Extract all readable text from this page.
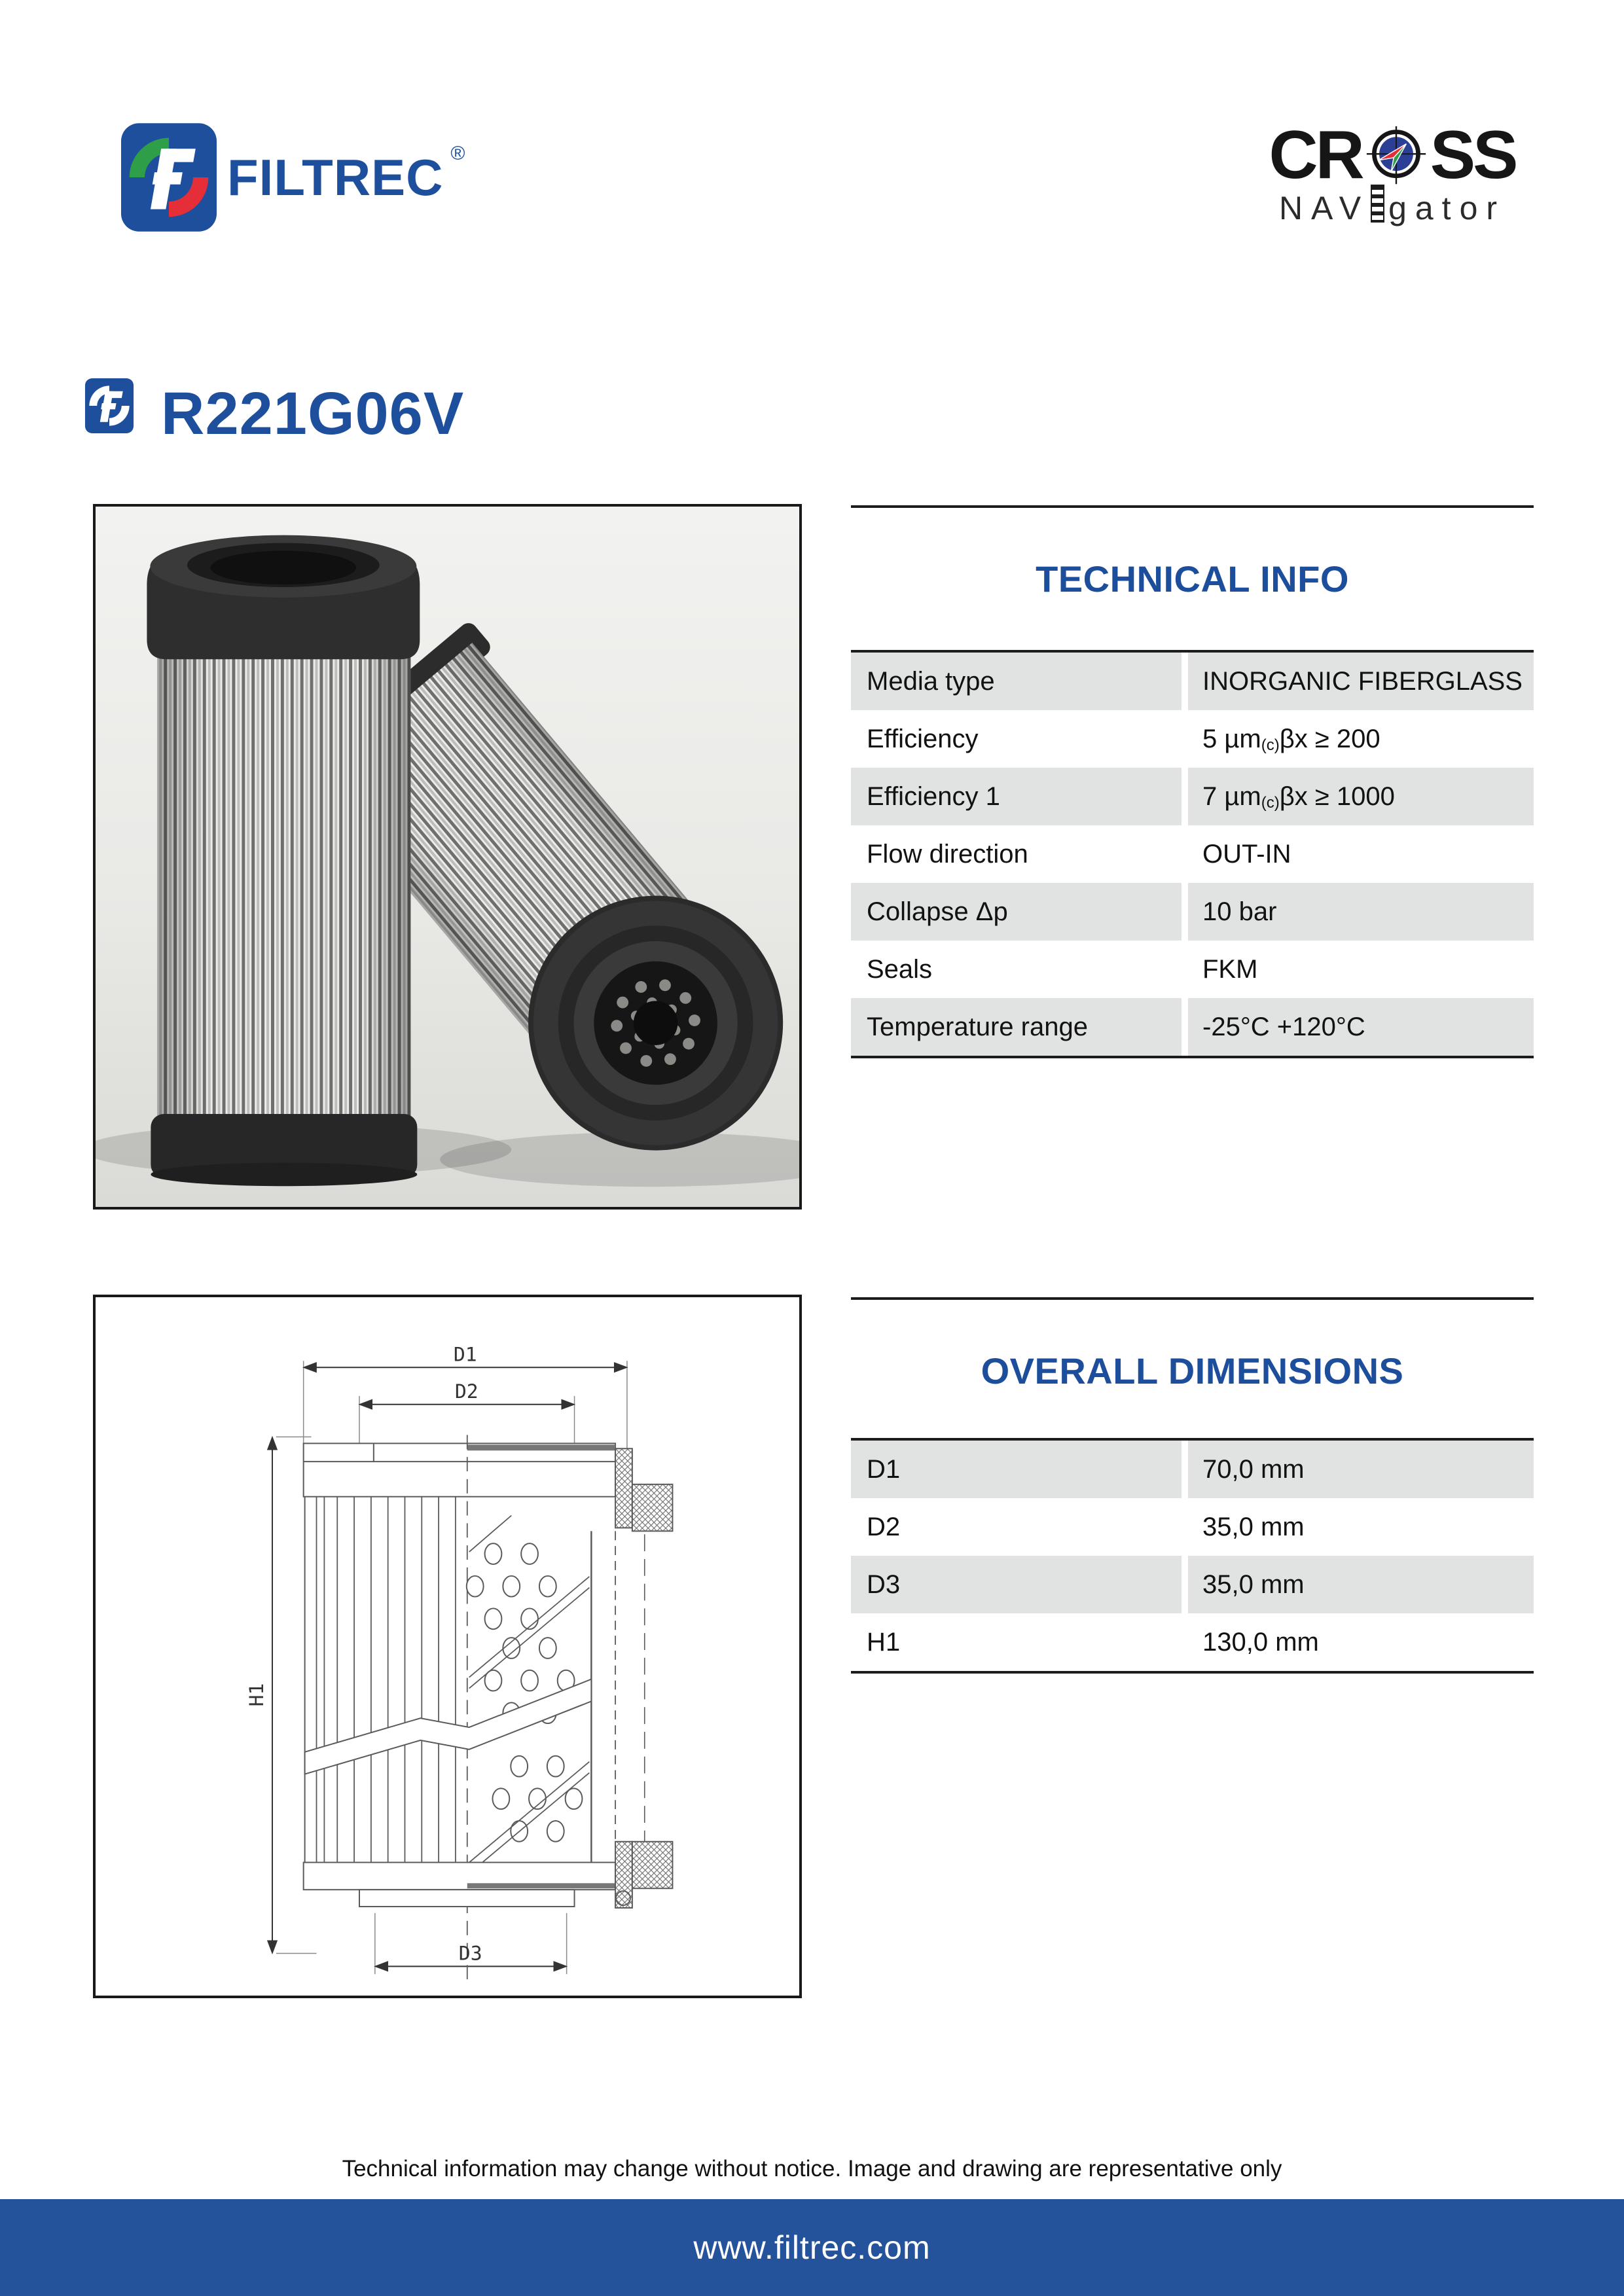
FILTREC ®	CR SS
NAV gator
R221G06V
TECHNICAL INFO
Media type	INORGANIC FIBERGLASS
Efficiency	5 µm (c) βx ≥ 200
Efficiency 1	7 µm (c) βx ≥ 1000
Flow direction	OUT-IN
Collapse Δp	10 bar
Seals	FKM
Temperature range	-25°C +120°C
D1
D2
D3
H1
OVERALL DIMENSIONS
D1	70,0 mm
D2	35,0 mm
D3	35,0 mm
H1	130,0 mm
Technical information may change without notice. Image and drawing are representative only
www.filtrec.com
